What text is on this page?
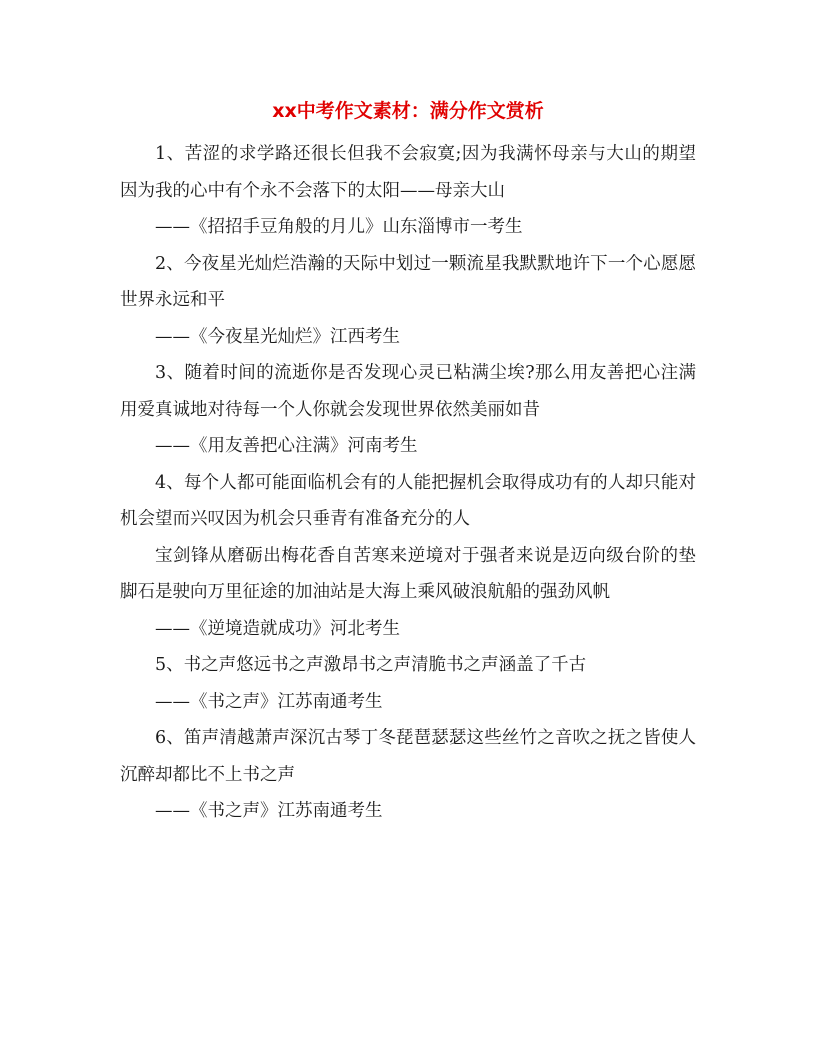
xx中考作文素材：满分作文赏析

1、苦涩的求学路还很长但我不会寂寞;因为我满怀母亲与大山的期望因为我的心中有个永不会落下的太阳——母亲大山

——《招招手豆角般的月儿》山东淄博市一考生

2、今夜星光灿烂浩瀚的天际中划过一颗流星我默默地许下一个心愿愿世界永远和平

——《今夜星光灿烂》江西考生

3、随着时间的流逝你是否发现心灵已粘满尘埃?那么用友善把心注满用爱真诚地对待每一个人你就会发现世界依然美丽如昔

——《用友善把心注满》河南考生

4、每个人都可能面临机会有的人能把握机会取得成功有的人却只能对机会望而兴叹因为机会只垂青有准备充分的人

宝剑锋从磨砺出梅花香自苦寒来逆境对于强者来说是迈向级台阶的垫脚石是驶向万里征途的加油站是大海上乘风破浪航船的强劲风帆

——《逆境造就成功》河北考生

5、书之声悠远书之声激昂书之声清脆书之声涵盖了千古

——《书之声》江苏南通考生

6、笛声清越萧声深沉古琴丁冬琵琶瑟瑟这些丝竹之音吹之抚之皆使人沉醉却都比不上书之声

——《书之声》江苏南通考生
